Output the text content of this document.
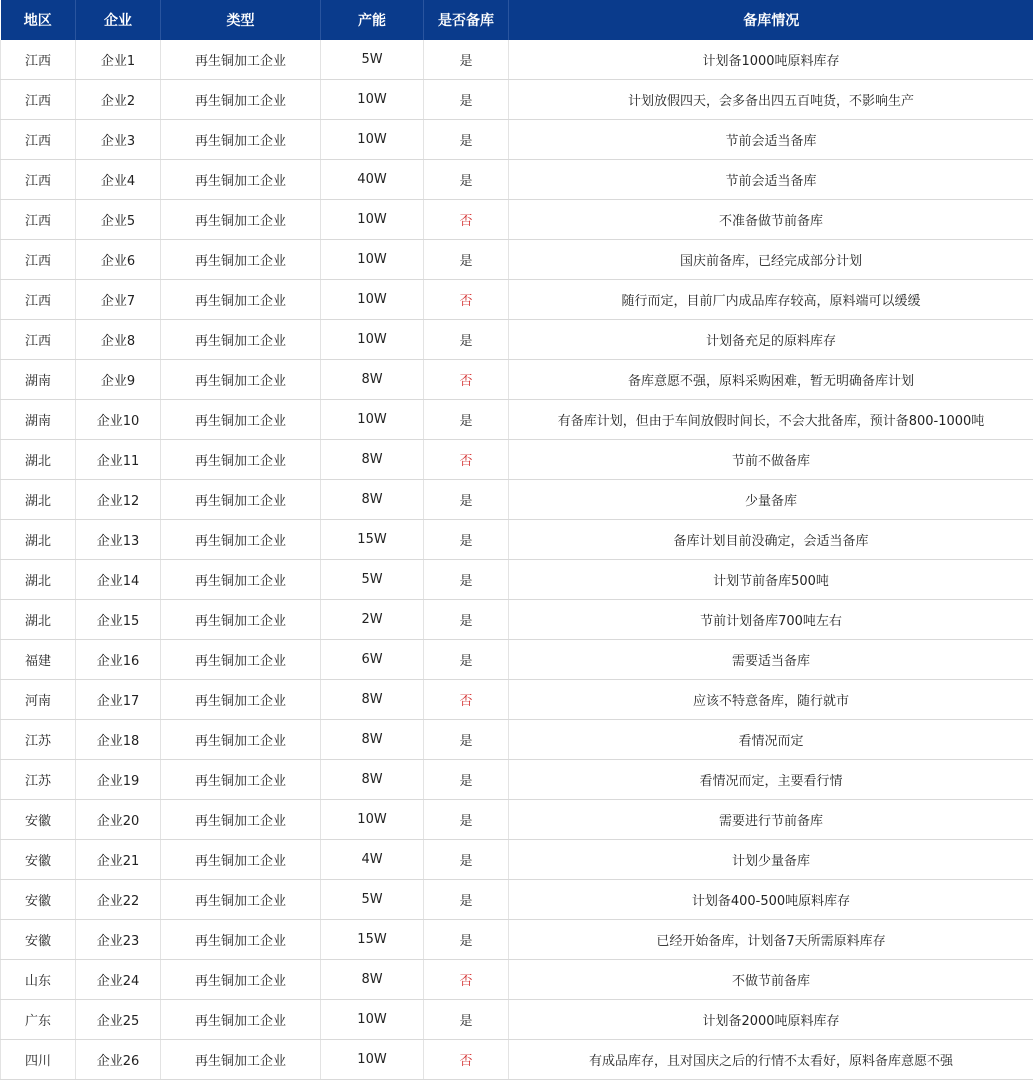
地区	企业	类型	产能	是否备库	备库情况
江西	企业1	再生铜加工企业	5W	是	计划备1000吨原料库存
江西	企业2	再生铜加工企业	10W	是	计划放假四天，会多备出四五百吨货，不影响生产
江西	企业3	再生铜加工企业	10W	是	节前会适当备库
江西	企业4	再生铜加工企业	40W	是	节前会适当备库
江西	企业5	再生铜加工企业	10W	否	不准备做节前备库
江西	企业6	再生铜加工企业	10W	是	国庆前备库，已经完成部分计划
江西	企业7	再生铜加工企业	10W	否	随行而定，目前厂内成品库存较高，原料端可以缓缓
江西	企业8	再生铜加工企业	10W	是	计划备充足的原料库存
湖南	企业9	再生铜加工企业	8W	否	备库意愿不强，原料采购困难，暂无明确备库计划
湖南	企业10	再生铜加工企业	10W	是	有备库计划，但由于车间放假时间长，不会大批备库，预计备800-1000吨
湖北	企业11	再生铜加工企业	8W	否	节前不做备库
湖北	企业12	再生铜加工企业	8W	是	少量备库
湖北	企业13	再生铜加工企业	15W	是	备库计划目前没确定，会适当备库
湖北	企业14	再生铜加工企业	5W	是	计划节前备库500吨
湖北	企业15	再生铜加工企业	2W	是	节前计划备库700吨左右
福建	企业16	再生铜加工企业	6W	是	需要适当备库
河南	企业17	再生铜加工企业	8W	否	应该不特意备库，随行就市
江苏	企业18	再生铜加工企业	8W	是	看情况而定
江苏	企业19	再生铜加工企业	8W	是	看情况而定，主要看行情
安徽	企业20	再生铜加工企业	10W	是	需要进行节前备库
安徽	企业21	再生铜加工企业	4W	是	计划少量备库
安徽	企业22	再生铜加工企业	5W	是	计划备400-500吨原料库存
安徽	企业23	再生铜加工企业	15W	是	已经开始备库，计划备7天所需原料库存
山东	企业24	再生铜加工企业	8W	否	不做节前备库
广东	企业25	再生铜加工企业	10W	是	计划备2000吨原料库存
四川	企业26	再生铜加工企业	10W	否	有成品库存，且对国庆之后的行情不太看好，原料备库意愿不强
